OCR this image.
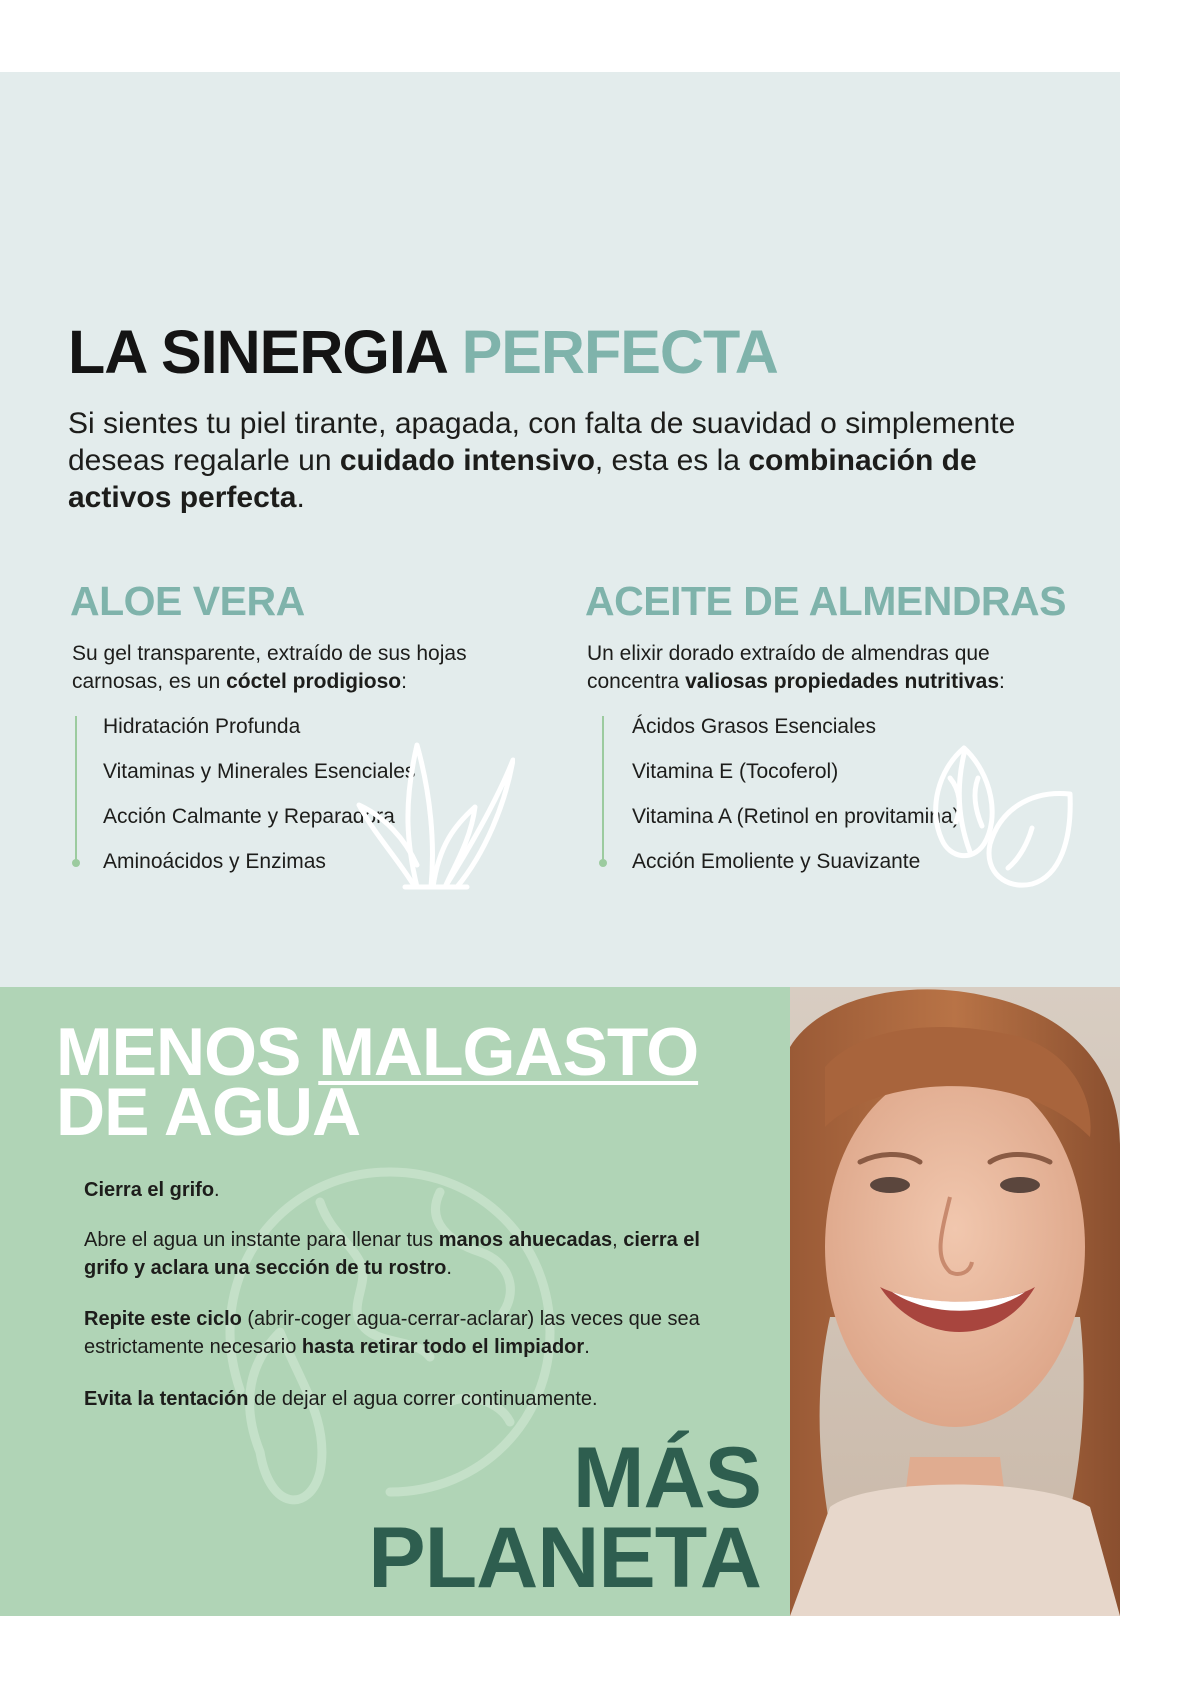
LA SINERGIA PERFECTA

Si sientes tu piel tirante, apagada, con falta de suavidad o simplemente deseas regalarle un cuidado intensivo, esta es la combinación de activos perfecta.

ALOE VERA

Su gel transparente, extraído de sus hojas carnosas, es un cóctel prodigioso:

Hidratación Profunda
Vitaminas y Minerales Esenciales
Acción Calmante y Reparadora
Aminoácidos y Enzimas
ACEITE DE ALMENDRAS

Un elixir dorado extraído de almendras que concentra valiosas propiedades nutritivas:

Ácidos Grasos Esenciales
Vitamina E (Tocoferol)
Vitamina A (Retinol en provitamina)
Acción Emoliente y Suavizante
MENOS MALGASTO
DE AGUA

Cierra el grifo.

Abre el agua un instante para llenar tus manos ahuecadas, cierra el grifo y aclara una sección de tu rostro.

Repite este ciclo (abrir-coger agua-cerrar-aclarar) las veces que sea estrictamente necesario hasta retirar todo el limpiador.

Evita la tentación de dejar el agua correr continuamente.

MÁS
PLANETA
